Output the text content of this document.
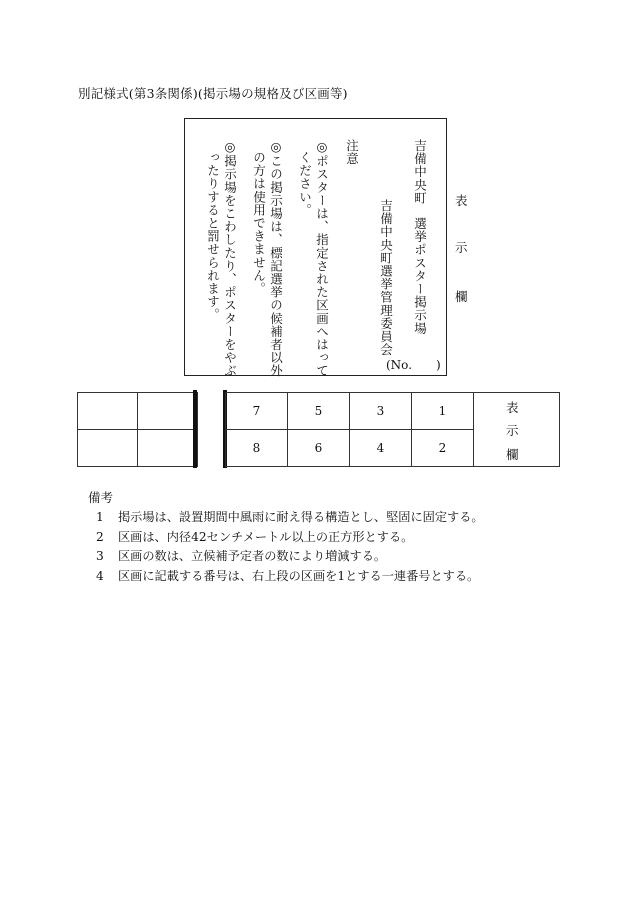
別記様式(第3条関係)(掲示場の規格及び区画等)
表
示
欄
吉備中央町
選挙ポスター掲示場
吉備中央町選挙管理委員会
注意
◎ポスターは、指定された区画へはって
ください。
◎この掲示場は、標記選挙の候補者以外
の方は使用できません。
◎掲示場をこわしたり、ポスターをやぶ
ったりすると罰せられます。
(No.　　)

7	5	3	1	
8	6	4	2	
表
示
欄
備考
1 掲示場は、設置期間中風雨に耐え得る構造とし、堅固に固定する。
2 区画は、内径42センチメートル以上の正方形とする。
3 区画の数は、立候補予定者の数により増減する。
4 区画に記載する番号は、右上段の区画を1とする一連番号とする。
